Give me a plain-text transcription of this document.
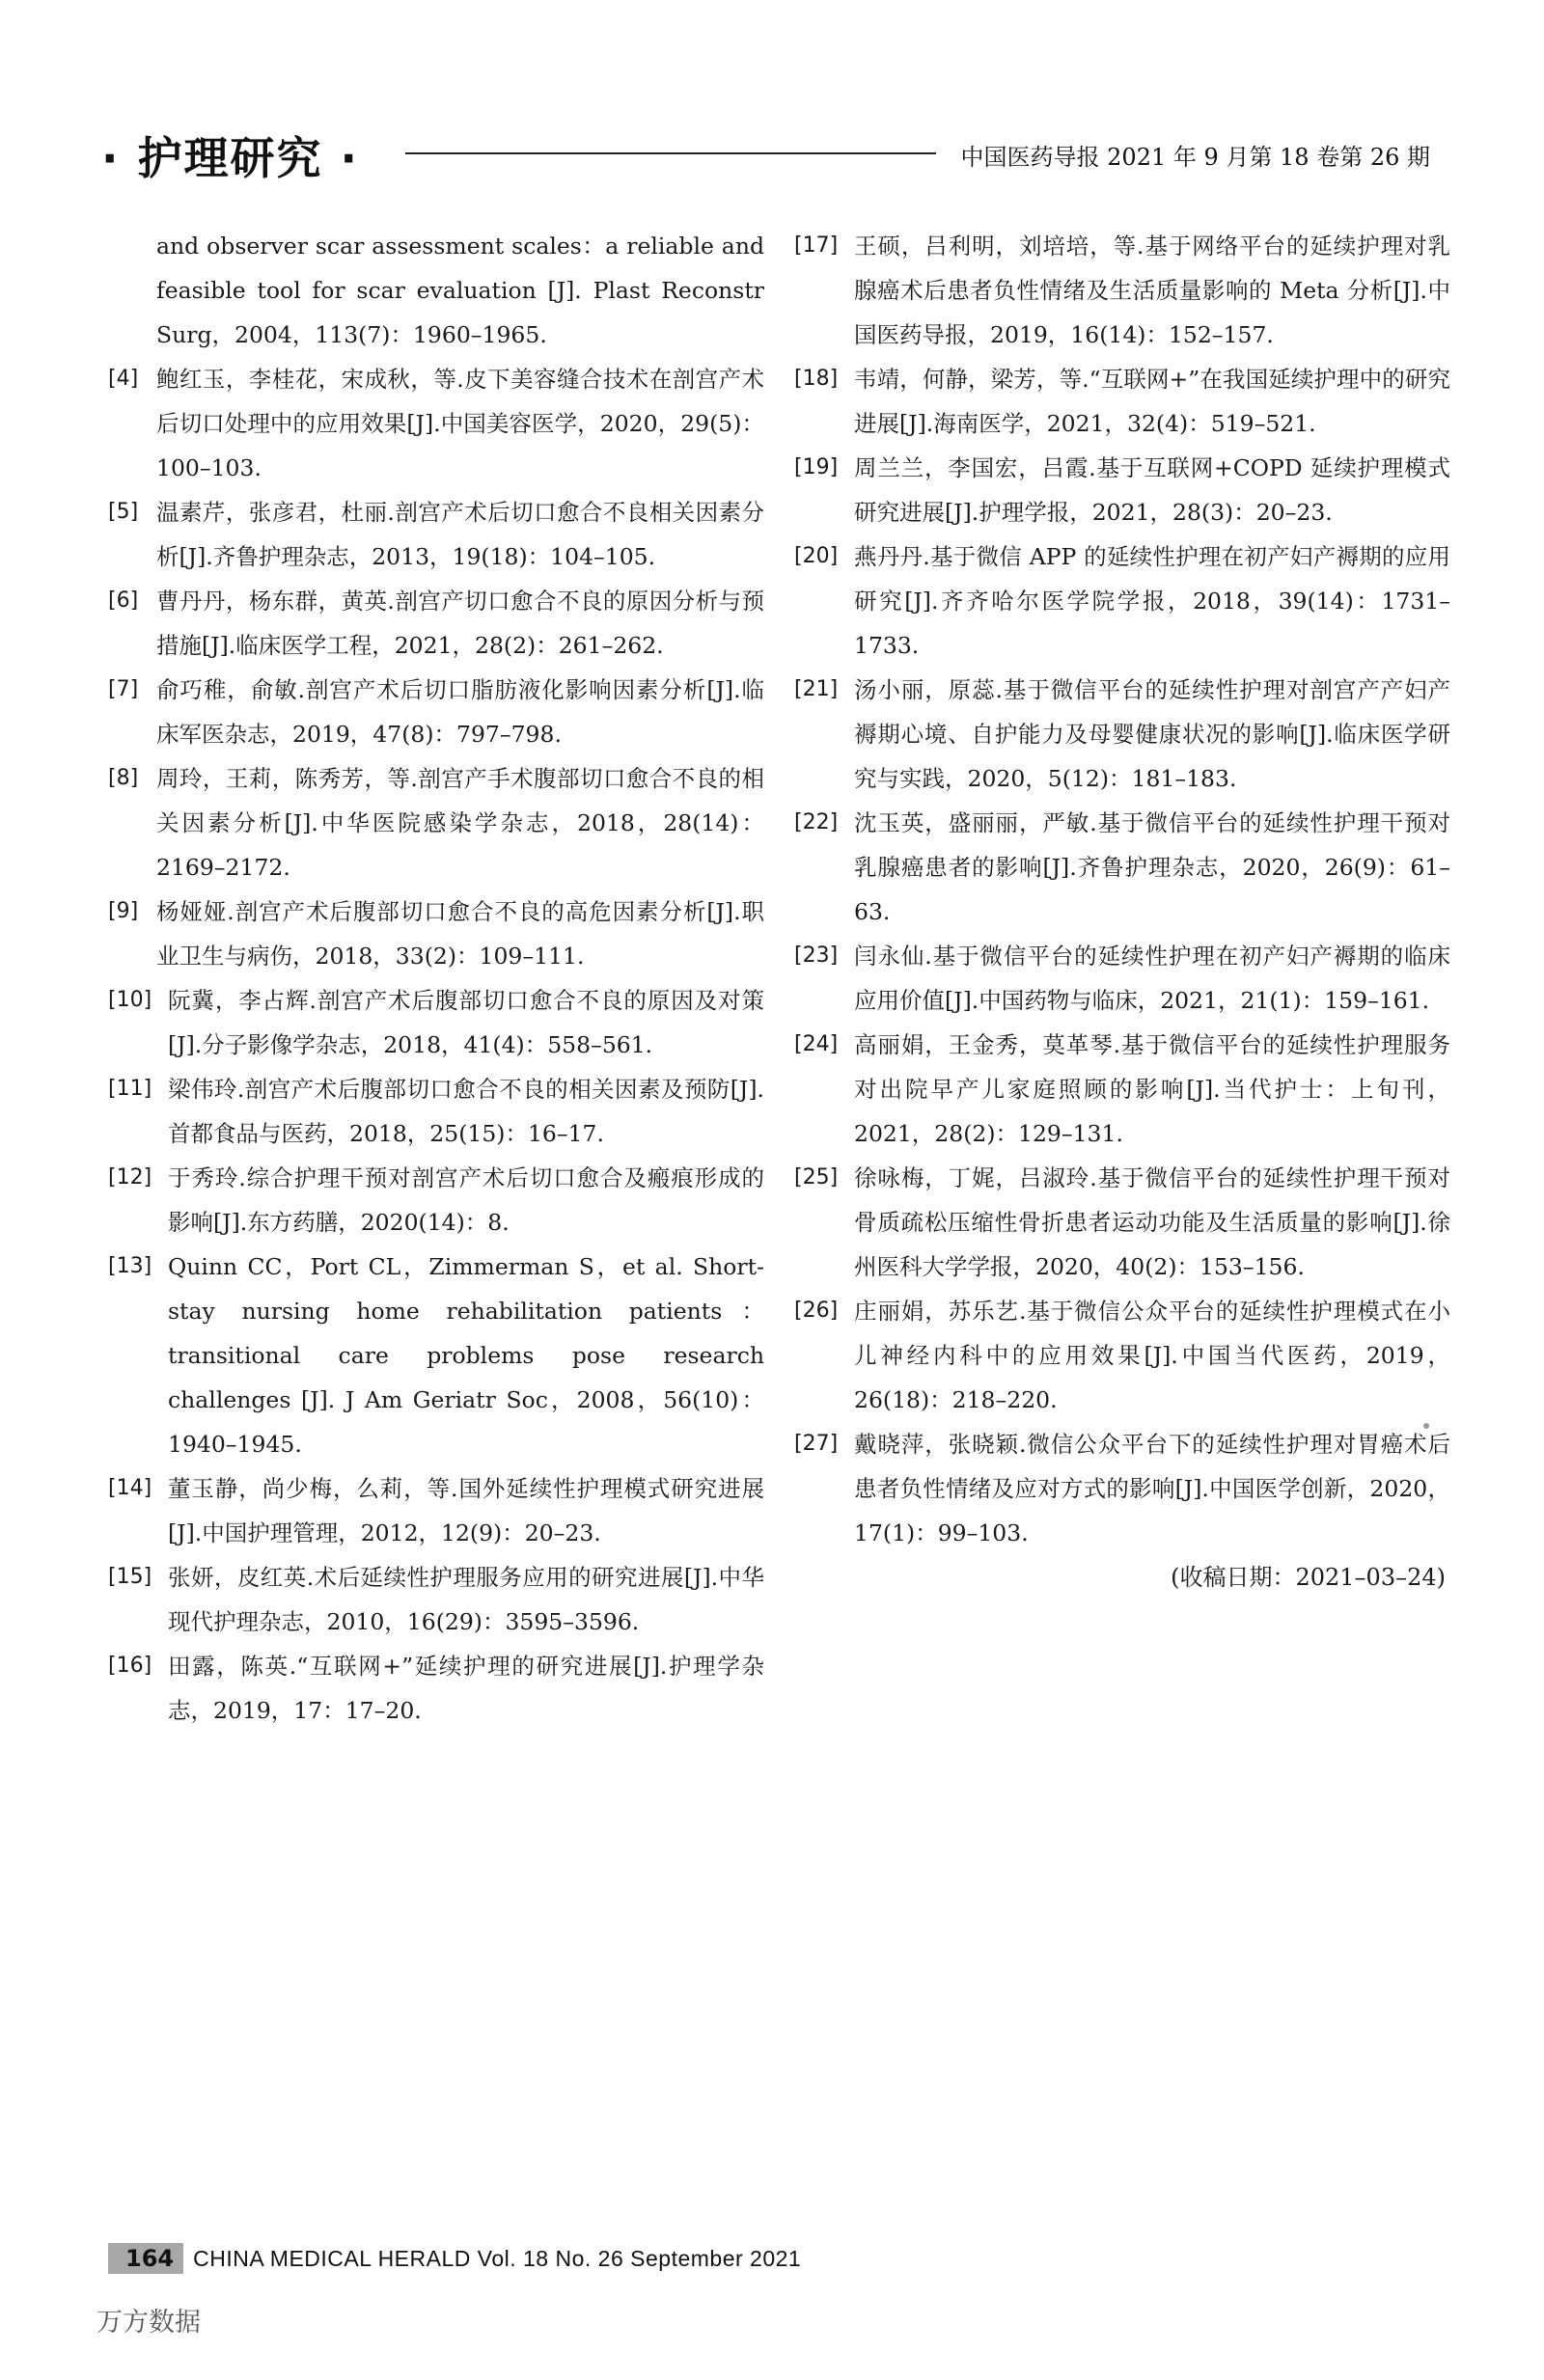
· 护理研究 ·	中国医药导报 2021 年 9 月第 18 卷第 26 期
and observer scar assessment scales：a reliable and feasible tool for scar evaluation [J]. Plast Reconstr Surg，2004，113(7)：1960–1965.
[4] 鲍红玉，李桂花，宋成秋，等.皮下美容缝合技术在剖宫产术后切口处理中的应用效果[J].中国美容医学，2020，29(5)：100–103.
[5] 温素芹，张彦君，杜丽.剖宫产术后切口愈合不良相关因素分析[J].齐鲁护理杂志，2013，19(18)：104–105.
[6] 曹丹丹，杨东群，黄英.剖宫产切口愈合不良的原因分析与预措施[J].临床医学工程，2021，28(2)：261–262.
[7] 俞巧稚，俞敏.剖宫产术后切口脂肪液化影响因素分析[J].临床军医杂志，2019，47(8)：797–798.
[8] 周玲，王莉，陈秀芳，等.剖宫产手术腹部切口愈合不良的相关因素分析[J].中华医院感染学杂志，2018，28(14)：2169–2172.
[9] 杨娅娅.剖宫产术后腹部切口愈合不良的高危因素分析[J].职业卫生与病伤，2018，33(2)：109–111.
[10] 阮冀，李占辉.剖宫产术后腹部切口愈合不良的原因及对策[J].分子影像学杂志，2018，41(4)：558–561.
[11] 梁伟玲.剖宫产术后腹部切口愈合不良的相关因素及预防[J].首都食品与医药，2018，25(15)：16–17.
[12] 于秀玲.综合护理干预对剖宫产术后切口愈合及瘢痕形成的影响[J].东方药膳，2020(14)：8.
[13] Quinn CC，Port CL，Zimmerman S，et al. Short-stay nursing home rehabilitation patients：transitional care problems pose research challenges [J]. J Am Geriatr Soc，2008，56(10)：1940–1945.
[14] 董玉静，尚少梅，么莉，等.国外延续性护理模式研究进展[J].中国护理管理，2012，12(9)：20–23.
[15] 张妍，皮红英.术后延续性护理服务应用的研究进展[J].中华现代护理杂志，2010，16(29)：3595–3596.
[16] 田露，陈英.“互联网+”延续护理的研究进展[J].护理学杂志，2019，17：17–20.
[17] 王硕，吕利明，刘培培，等.基于网络平台的延续护理对乳腺癌术后患者负性情绪及生活质量影响的 Meta 分析[J].中国医药导报，2019，16(14)：152–157.
[18] 韦靖，何静，梁芳，等.“互联网+”在我国延续护理中的研究进展[J].海南医学，2021，32(4)：519–521.
[19] 周兰兰，李国宏，吕霞.基于互联网+COPD 延续护理模式研究进展[J].护理学报，2021，28(3)：20–23.
[20] 燕丹丹.基于微信 APP 的延续性护理在初产妇产褥期的应用研究[J].齐齐哈尔医学院学报，2018，39(14)：1731–1733.
[21] 汤小丽，原蕊.基于微信平台的延续性护理对剖宫产产妇产褥期心境、自护能力及母婴健康状况的影响[J].临床医学研究与实践，2020，5(12)：181–183.
[22] 沈玉英，盛丽丽，严敏.基于微信平台的延续性护理干预对乳腺癌患者的影响[J].齐鲁护理杂志，2020，26(9)：61–63.
[23] 闫永仙.基于微信平台的延续性护理在初产妇产褥期的临床应用价值[J].中国药物与临床，2021，21(1)：159–161.
[24] 高丽娟，王金秀，莫革琴.基于微信平台的延续性护理服务对出院早产儿家庭照顾的影响[J].当代护士：上旬刊，2021，28(2)：129–131.
[25] 徐咏梅，丁娓，吕淑玲.基于微信平台的延续性护理干预对骨质疏松压缩性骨折患者运动功能及生活质量的影响[J].徐州医科大学学报，2020，40(2)：153–156.
[26] 庄丽娟，苏乐艺.基于微信公众平台的延续性护理模式在小儿神经内科中的应用效果[J].中国当代医药，2019，26(18)：218–220.
[27] 戴晓萍，张晓颖.微信公众平台下的延续性护理对胃癌术后患者负性情绪及应对方式的影响[J].中国医学创新，2020，17(1)：99–103.
(收稿日期：2021–03–24)
164 CHINA MEDICAL HERALD Vol. 18 No. 26 September 2021
万方数据
